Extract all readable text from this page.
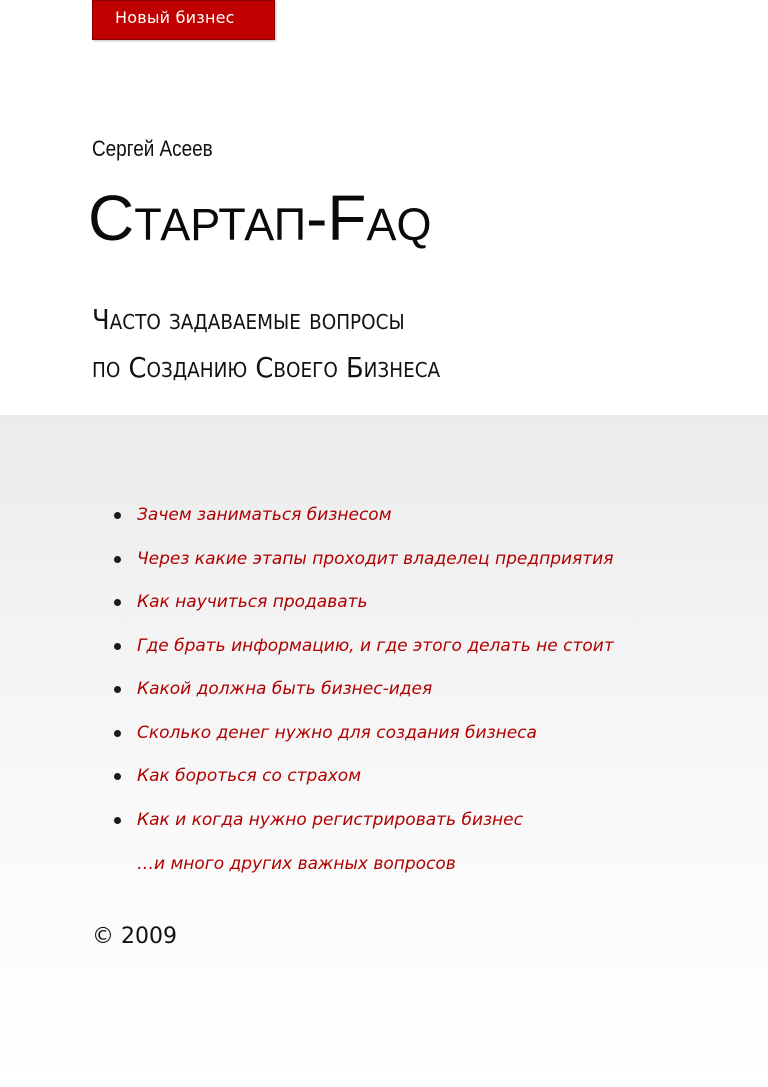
Новый бизнес
Сергей Асеев
Стартап-Faq
Часто задаваемые вопросы
по Созданию Своего Бизнеса
Зачем заниматься бизнесом
Через какие этапы проходит владелец предприятия
Как научиться продавать
Где брать информацию, и где этого делать не стоит
Какой должна быть бизнес-идея
Сколько денег нужно для создания бизнеса
Как бороться со страхом
Как и когда нужно регистрировать бизнес
…и много других важных вопросов
© 2009
